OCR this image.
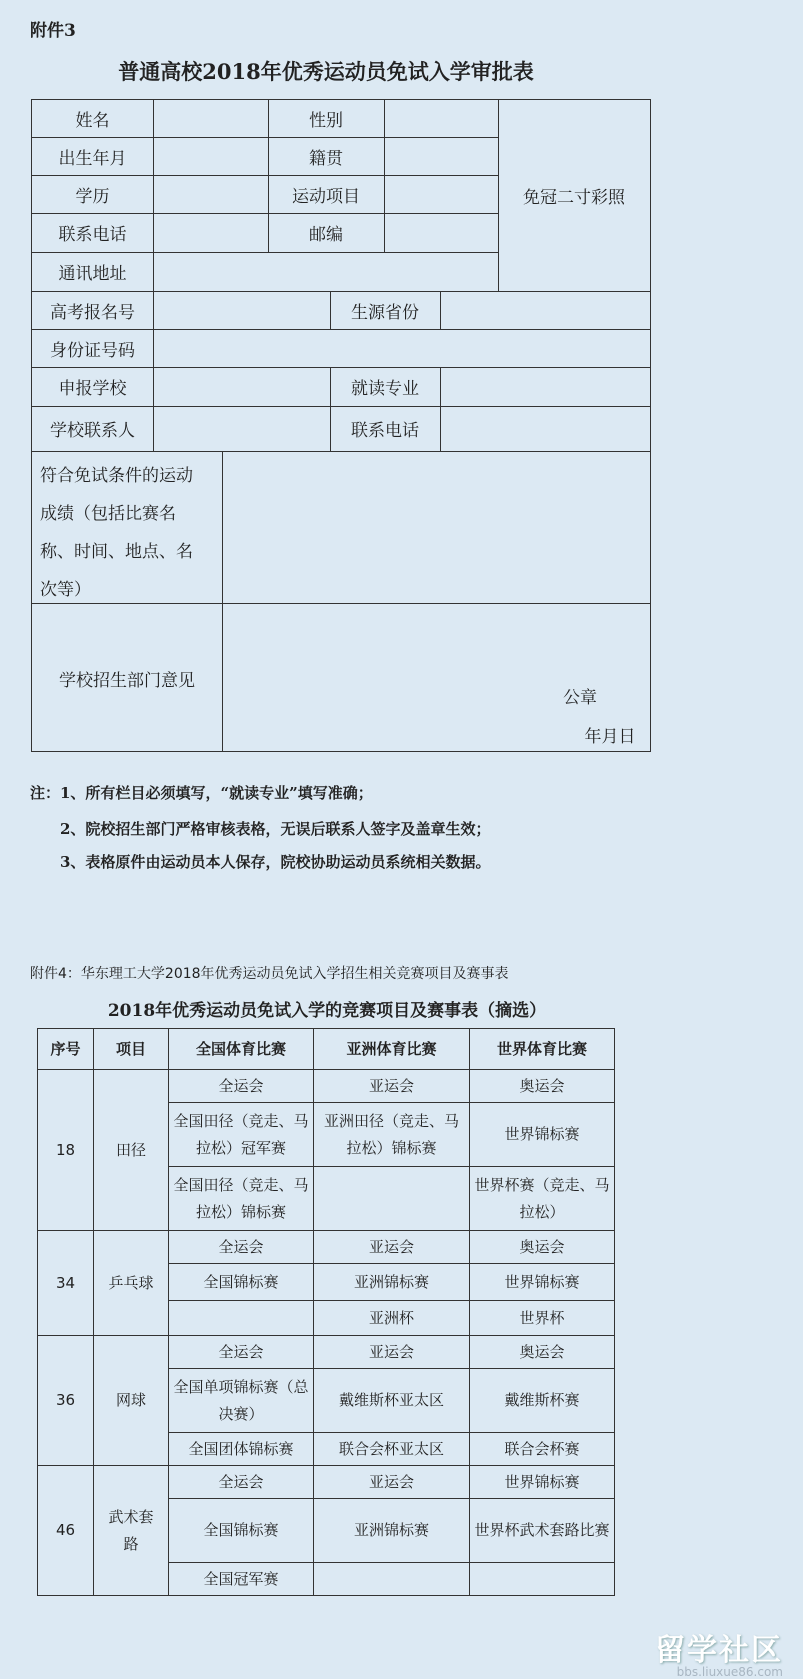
附件3
普通高校2018年优秀运动员免试入学审批表
姓名	性别
出生年月	籍贯
学历	运动项目
联系电话	邮编
通讯地址
免冠二寸彩照
高考报名号	生源省份
身份证号码
申报学校	就读专业
学校联系人	联系电话
符合免试条件的运动
成绩（包括比赛名
称、时间、地点、名
次等）
学校招生部门意见
公章
年月日
注：1、所有栏目必须填写，“就读专业”填写准确；
2、院校招生部门严格审核表格，无误后联系人签字及盖章生效；
3、表格原件由运动员本人保存，院校协助运动员系统相关数据。
附件4：华东理工大学2018年优秀运动员免试入学招生相关竞赛项目及赛事表
2018年优秀运动员免试入学的竞赛项目及赛事表（摘选）
序号	项目	全国体育比赛	亚洲体育比赛	世界体育比赛
18	田径	全运会	亚运会	奥运会
		全国田径（竞走、马拉松）冠军赛	亚洲田径（竞走、马拉松）锦标赛	世界锦标赛
		全国田径（竞走、马拉松）锦标赛		世界杯赛（竞走、马拉松）
34	乒乓球	全运会	亚运会	奥运会
		全国锦标赛	亚洲锦标赛	世界锦标赛
			亚洲杯	世界杯
36	网球	全运会	亚运会	奥运会
		全国单项锦标赛（总决赛）	戴维斯杯亚太区	戴维斯杯赛
		全国团体锦标赛	联合会杯亚太区	联合会杯赛
46	武术套路	全运会	亚运会	世界锦标赛
		全国锦标赛	亚洲锦标赛	世界杯武术套路比赛
		全国冠军赛		
留学社区
bbs.liuxue86.com
